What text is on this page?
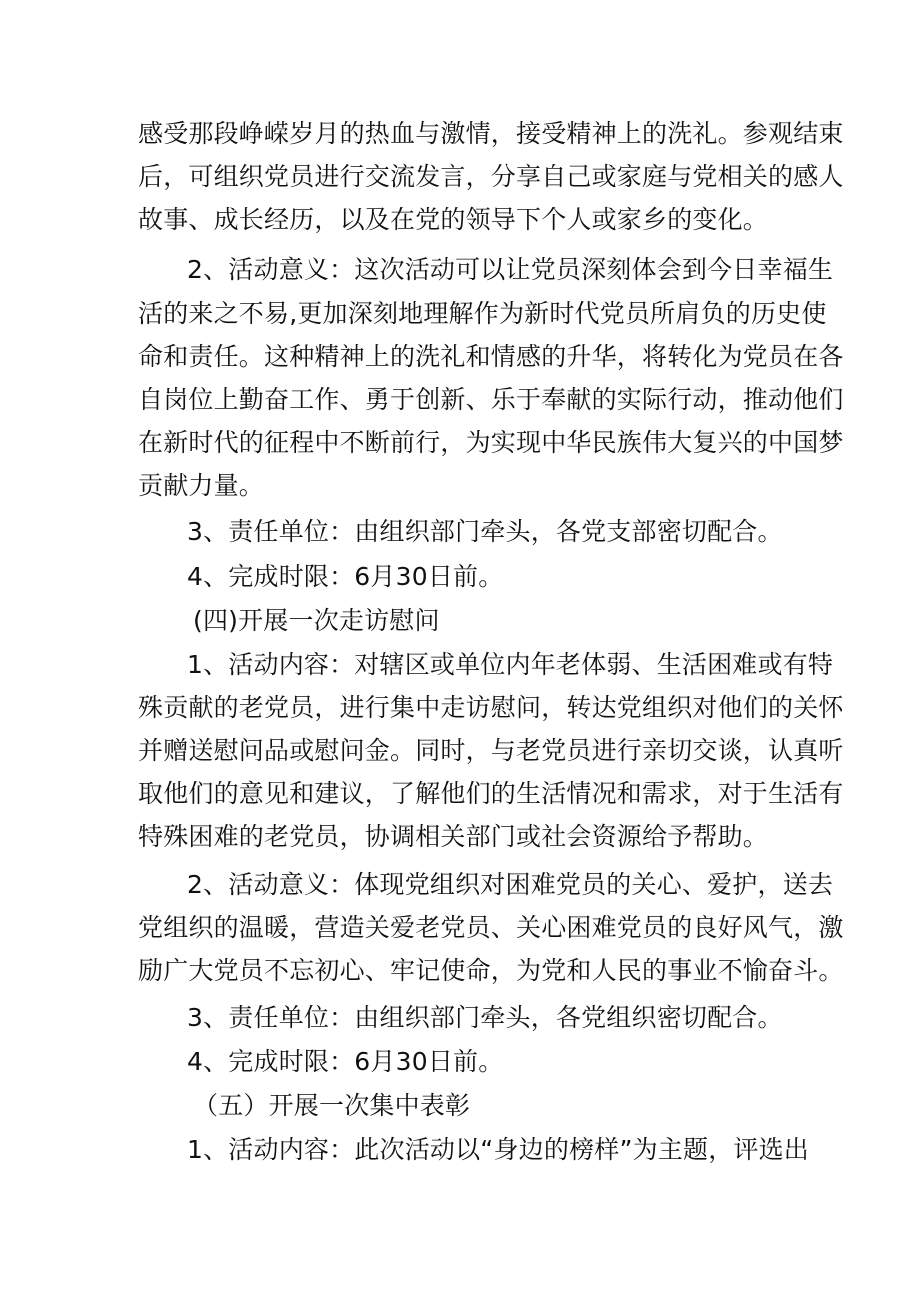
感受那段峥嵘岁月的热血与激情，接受精神上的洗礼。参观结束
后，可组织党员进行交流发言，分享自己或家庭与党相关的感人
故事、成长经历，以及在党的领导下个人或家乡的变化。
2、活动意义：这次活动可以让党员深刻体会到今日幸福生
活的来之不易,更加深刻地理解作为新时代党员所肩负的历史使
命和责任。这种精神上的洗礼和情感的升华，将转化为党员在各
自岗位上勤奋工作、勇于创新、乐于奉献的实际行动，推动他们
在新时代的征程中不断前行，为实现中华民族伟大复兴的中国梦
贡献力量。
3、责任单位：由组织部门牵头，各党支部密切配合。
4、完成时限：6月30日前。
(四)开展一次走访慰问
1、活动内容：对辖区或单位内年老体弱、生活困难或有特
殊贡献的老党员，进行集中走访慰问，转达党组织对他们的关怀
并赠送慰问品或慰问金。同时，与老党员进行亲切交谈，认真听
取他们的意见和建议，了解他们的生活情况和需求，对于生活有
特殊困难的老党员，协调相关部门或社会资源给予帮助。
2、活动意义：体现党组织对困难党员的关心、爱护，送去
党组织的温暖，营造关爱老党员、关心困难党员的良好风气，激
励广大党员不忘初心、牢记使命，为党和人民的事业不愉奋斗。
3、责任单位：由组织部门牵头，各党组织密切配合。
4、完成时限：6月30日前。
（五）开展一次集中表彰
1、活动内容：此次活动以“身边的榜样”为主题，评选出
